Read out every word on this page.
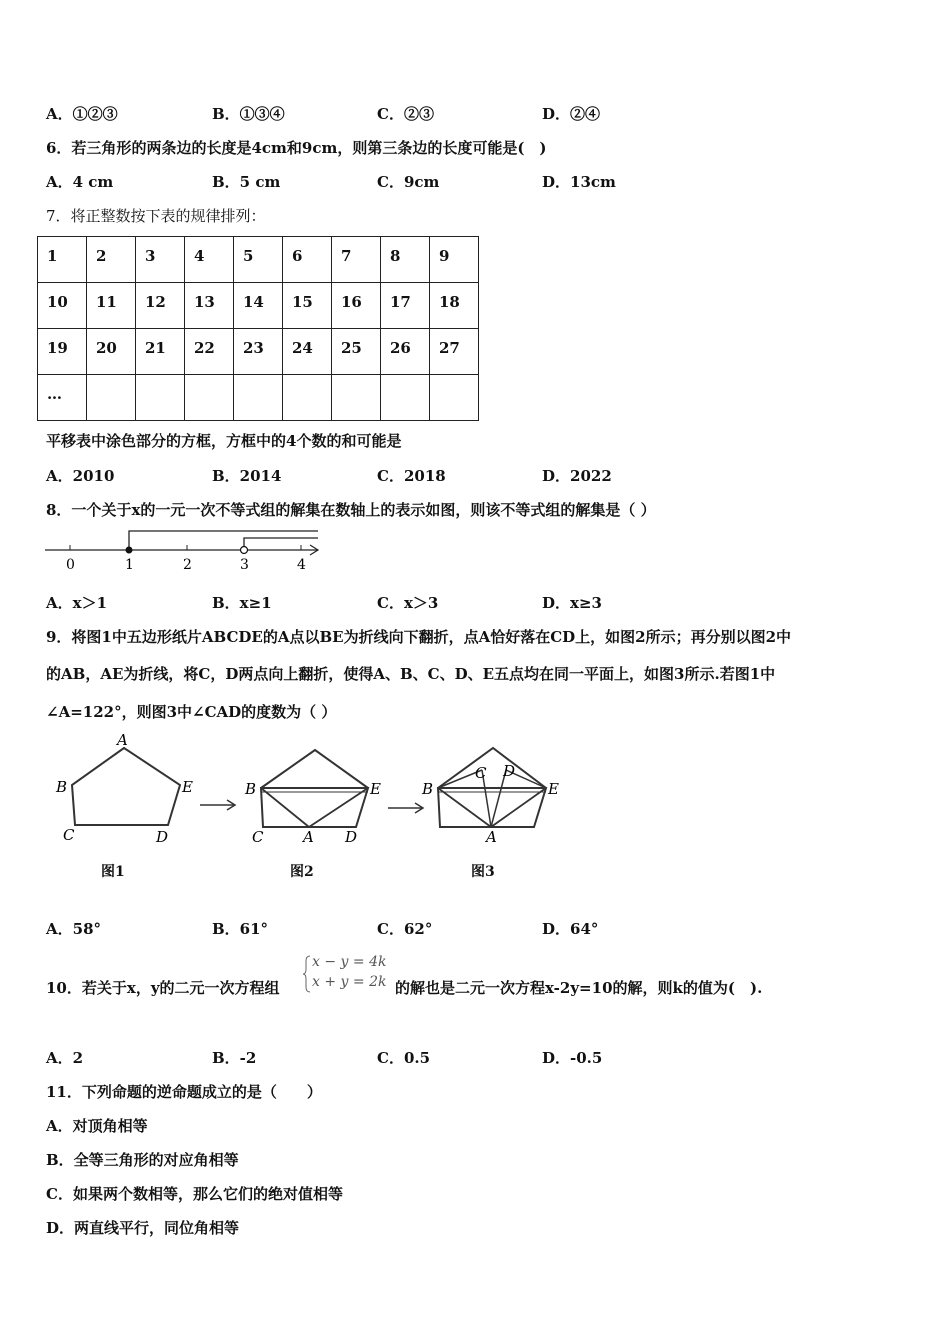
A．①②③	B．①③④	C．②③	D．②④
6．若三角形的两条边的长度是4cm和9cm，则第三条边的长度可能是(　)
A．4 cm	B．5 cm	C．9cm	D．13cm
7．将正整数按下表的规律排列：
1	2	3	4	5	6	7	8	9
10	11	12	13	14	15	16	17	18
19	20	21	22	23	24	25	26	27
…								
平移表中涂色部分的方框，方框中的4个数的和可能是
A．2010	B．2014	C．2018	D．2022
8．一个关于x的一元一次不等式组的解集在数轴上的表示如图，则该不等式组的解集是（ ）
0	1	2	3	4
A．x＞1	B．x≥1	C．x＞3	D．x≥3
9．将图1中五边形纸片ABCDE的A点以BE为折线向下翻折，点A恰好落在CD上，如图2所示；再分别以图2中
的AB，AE为折线，将C，D两点向上翻折，使得A、B、C、D、E五点均在同一平面上，如图3所示.若图1中
∠A=122°，则图3中∠CAD的度数为（ ）
A
B	E
C	D
B	E
C	A D
B	E
C D
A
图1	图2	图3
A．58°	B．61°	C．62°	D．64°
10．若关于x，y的二元一次方程组
x − y = 4k
x + y = 2k 的解也是二元一次方程x-2y=10的解，则k的值为(　).
A．2	B．-2	C．0.5	D．-0.5
11．下列命题的逆命题成立的是（　　）
A．对顶角相等
B．全等三角形的对应角相等
C．如果两个数相等，那么它们的绝对值相等
D．两直线平行，同位角相等
